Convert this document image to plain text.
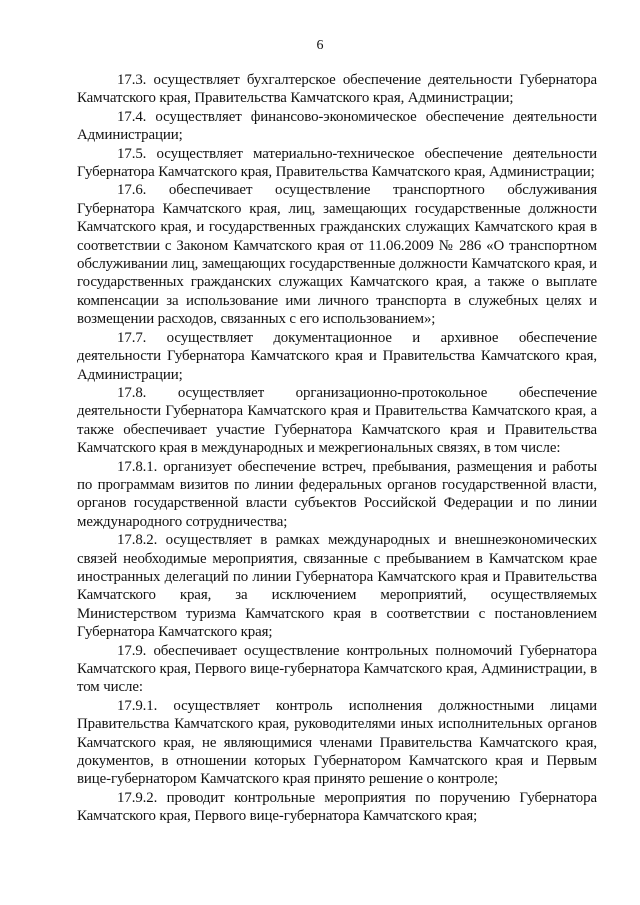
6

17.3. осуществляет бухгалтерское обеспечение деятельности Губернатора Камчатского края, Правительства Камчатского края, Администрации;

17.4. осуществляет финансово-экономическое обеспечение деятельности Администрации;

17.5. осуществляет материально-техническое обеспечение деятельности Губернатора Камчатского края, Правительства Камчатского края, Администрации;

17.6. обеспечивает осуществление транспортного обслуживания Губернатора Камчатского края, лиц, замещающих государственные должности Камчатского края, и государственных гражданских служащих Камчатского края в соответствии с Законом Камчатского края от 11.06.2009 № 286 «О транспортном обслуживании лиц, замещающих государственные должности Камчатского края, и государственных гражданских служащих Камчатского края, а также о выплате компенсации за использование ими личного транспорта в служебных целях и возмещении расходов, связанных с его использованием»;

17.7. осуществляет документационное и архивное обеспечение деятельности Губернатора Камчатского края и Правительства Камчатского края, Администрации;

17.8. осуществляет организационно-протокольное обеспечение деятельности Губернатора Камчатского края и Правительства Камчатского края, а также обеспечивает участие Губернатора Камчатского края и Правительства Камчатского края в международных и межрегиональных связях, в том числе:

17.8.1. организует обеспечение встреч, пребывания, размещения и работы по программам визитов по линии федеральных органов государственной власти, органов государственной власти субъектов Российской Федерации и по линии международного сотрудничества;

17.8.2. осуществляет в рамках международных и внешнеэкономических связей необходимые мероприятия, связанные с пребыванием в Камчатском крае иностранных делегаций по линии Губернатора Камчатского края и Правительства Камчатского края, за исключением мероприятий, осуществляемых Министерством туризма Камчатского края в соответствии с постановлением Губернатора Камчатского края;

17.9. обеспечивает осуществление контрольных полномочий Губернатора Камчатского края, Первого вице-губернатора Камчатского края, Администрации, в том числе:

17.9.1. осуществляет контроль исполнения должностными лицами Правительства Камчатского края, руководителями иных исполнительных органов Камчатского края, не являющимися членами Правительства Камчатского края, документов, в отношении которых Губернатором Камчатского края и Первым вице-губернатором Камчатского края принято решение о контроле;

17.9.2. проводит контрольные мероприятия по поручению Губернатора Камчатского края, Первого вице-губернатора Камчатского края;
